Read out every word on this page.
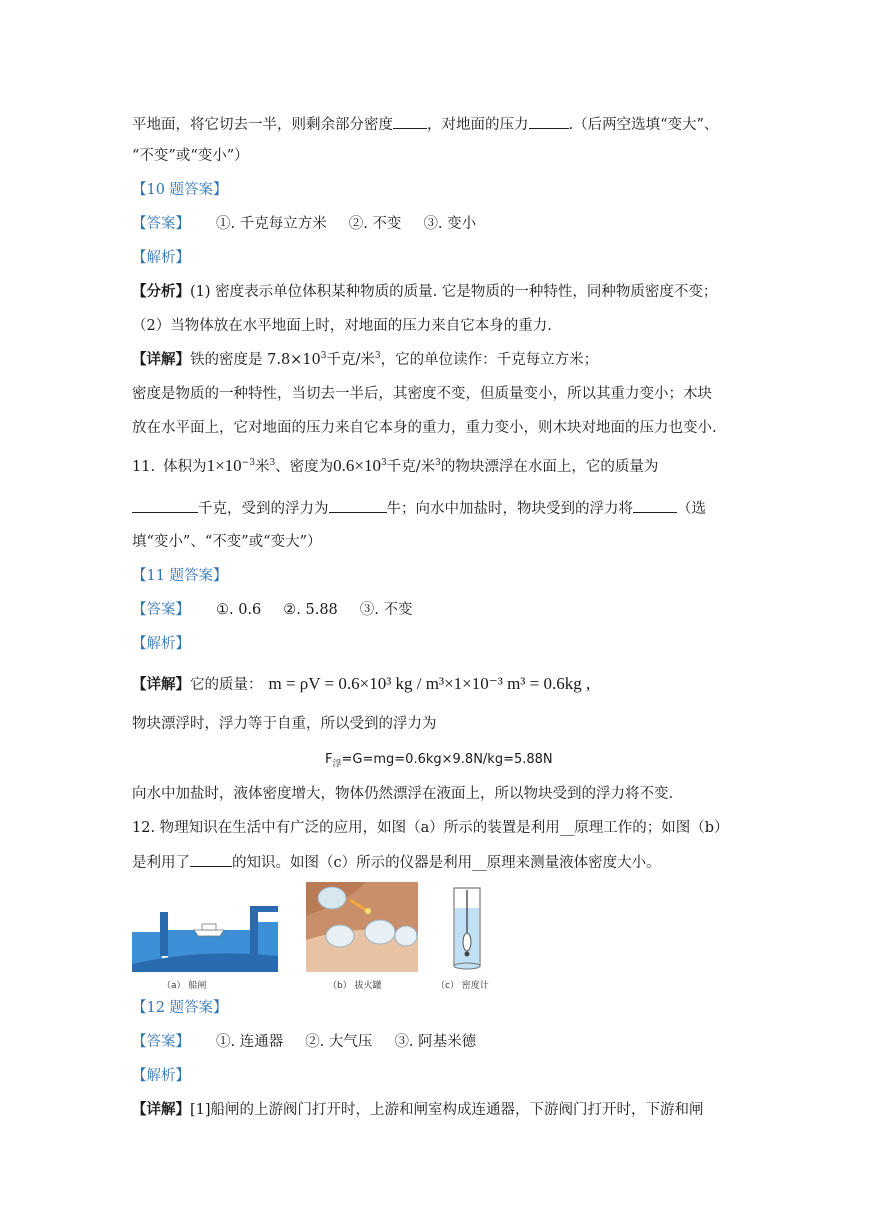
平地面，将它切去一半，则剩余部分密度 ，对地面的压力	.（后两空选填“变大”、
“不变”或“变小”）
【10 题答案】
【答案】 ①. 千克每立方米 ②. 不变 ③. 变小
【解析】
【分析】(1) 密度表示单位体积某种物质的质量. 它是物质的一种特性，同种物质密度不变；
（2）当物体放在水平地面上时，对地面的压力来自它本身的重力.
【详解】铁的密度是 $7.8\times 10^3$千克/米$^3$，它的单位读作：千克每立方米；
密度是物质的一种特性，当切去一半后，其密度不变，但质量变小，所以其重力变小；木块
放在水平面上，它对地面的压力来自它本身的重力，重力变小，则木块对地面的压力也变小.
11. 体积为$1\times 10^{-3}$米$^3$、密度为$0.6\times 10^3$千克/米$^3$的物块漂浮在水面上，它的质量为
千克，受到的浮力为	牛；向水中加盐时，物块受到的浮力将	（选
填“变小”、“不变”或“变大”）
【11 题答案】
【答案】 ①. 0.6 ②. 5.88 ③. 不变
【解析】
【详解】它的质量： m = ρV = 0.6×10³ kg / m³×1×10⁻³ m³ = 0.6kg ,
物块漂浮时，浮力等于自重，所以受到的浮力为
$F_浮=G=mg=0.6kg\times 9.8N/kg=5.88N$
向水中加盐时，液体密度增大，物体仍然漂浮在液面上，所以物块受到的浮力将不变.
12. 物理知识在生活中有广泛的应用，如图（a）所示的装置是利用__原理工作的；如图（b）
是利用了	的知识。如图（c）所示的仪器是利用__原理来测量液体密度大小。
（a） 船闸	（b） 拔火罐	（c） 密度计
【12 题答案】
【答案】 ①. 连通器 ②. 大气压 ③. 阿基米德
【解析】
【详解】[1]船闸的上游阀门打开时，上游和闸室构成连通器，下游阀门打开时，下游和闸
